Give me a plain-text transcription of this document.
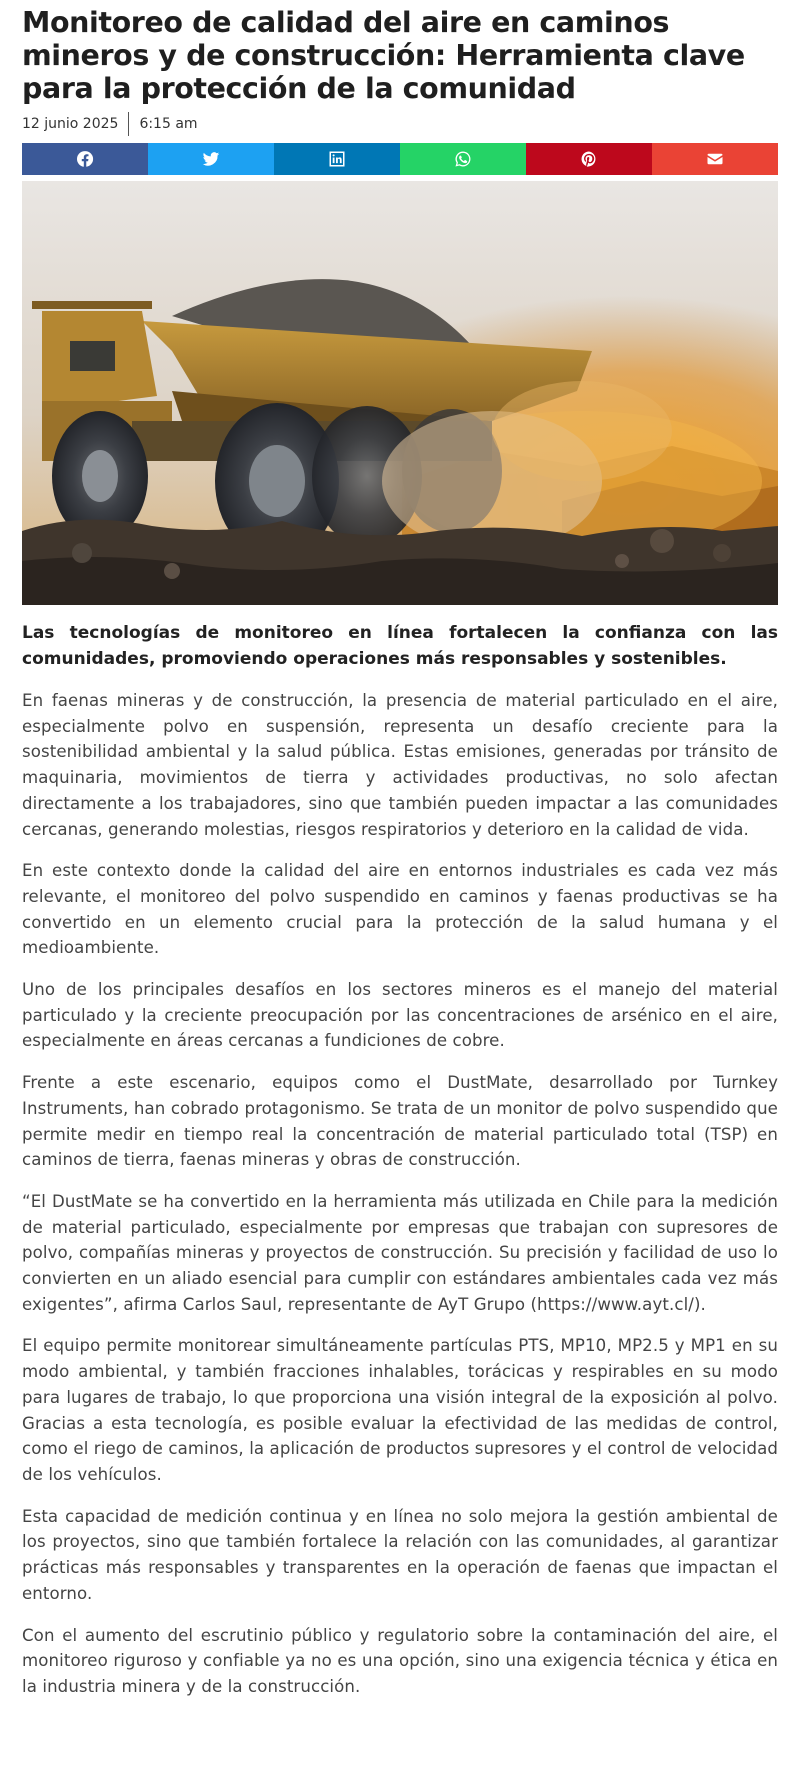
Monitoreo de calidad del aire en caminos mineros y de construcción: Herramienta clave para la protección de la comunidad
12 junio 2025 6:15 am
Las tecnologías de monitoreo en línea fortalecen la confianza con las comunidades, promoviendo operaciones más responsables y sostenibles.

En faenas mineras y de construcción, la presencia de material particulado en el aire, especialmente polvo en suspensión, representa un desafío creciente para la sostenibilidad ambiental y la salud pública. Estas emisiones, generadas por tránsito de maquinaria, movimientos de tierra y actividades productivas, no solo afectan directamente a los trabajadores, sino que también pueden impactar a las comunidades cercanas, generando molestias, riesgos respiratorios y deterioro en la calidad de vida.

En este contexto donde la calidad del aire en entornos industriales es cada vez más relevante, el monitoreo del polvo suspendido en caminos y faenas productivas se ha convertido en un elemento crucial para la protección de la salud humana y el medioambiente.

Uno de los principales desafíos en los sectores mineros es el manejo del material particulado y la creciente preocupación por las concentraciones de arsénico en el aire, especialmente en áreas cercanas a fundiciones de cobre.

Frente a este escenario, equipos como el DustMate, desarrollado por Turnkey Instruments, han cobrado protagonismo. Se trata de un monitor de polvo suspendido que permite medir en tiempo real la concentración de material particulado total (TSP) en caminos de tierra, faenas mineras y obras de construcción.

“El DustMate se ha convertido en la herramienta más utilizada en Chile para la medición de material particulado, especialmente por empresas que trabajan con supresores de polvo, compañías mineras y proyectos de construcción. Su precisión y facilidad de uso lo convierten en un aliado esencial para cumplir con estándares ambientales cada vez más exigentes”, afirma Carlos Saul, representante de AyT Grupo (https://www.ayt.cl/).

El equipo permite monitorear simultáneamente partículas PTS, MP10, MP2.5 y MP1 en su modo ambiental, y también fracciones inhalables, torácicas y respirables en su modo para lugares de trabajo, lo que proporciona una visión integral de la exposición al polvo. Gracias a esta tecnología, es posible evaluar la efectividad de las medidas de control, como el riego de caminos, la aplicación de productos supresores y el control de velocidad de los vehículos.

Esta capacidad de medición continua y en línea no solo mejora la gestión ambiental de los proyectos, sino que también fortalece la relación con las comunidades, al garantizar prácticas más responsables y transparentes en la operación de faenas que impactan el entorno.

Con el aumento del escrutinio público y regulatorio sobre la contaminación del aire, el monitoreo riguroso y confiable ya no es una opción, sino una exigencia técnica y ética en la industria minera y de la construcción.
